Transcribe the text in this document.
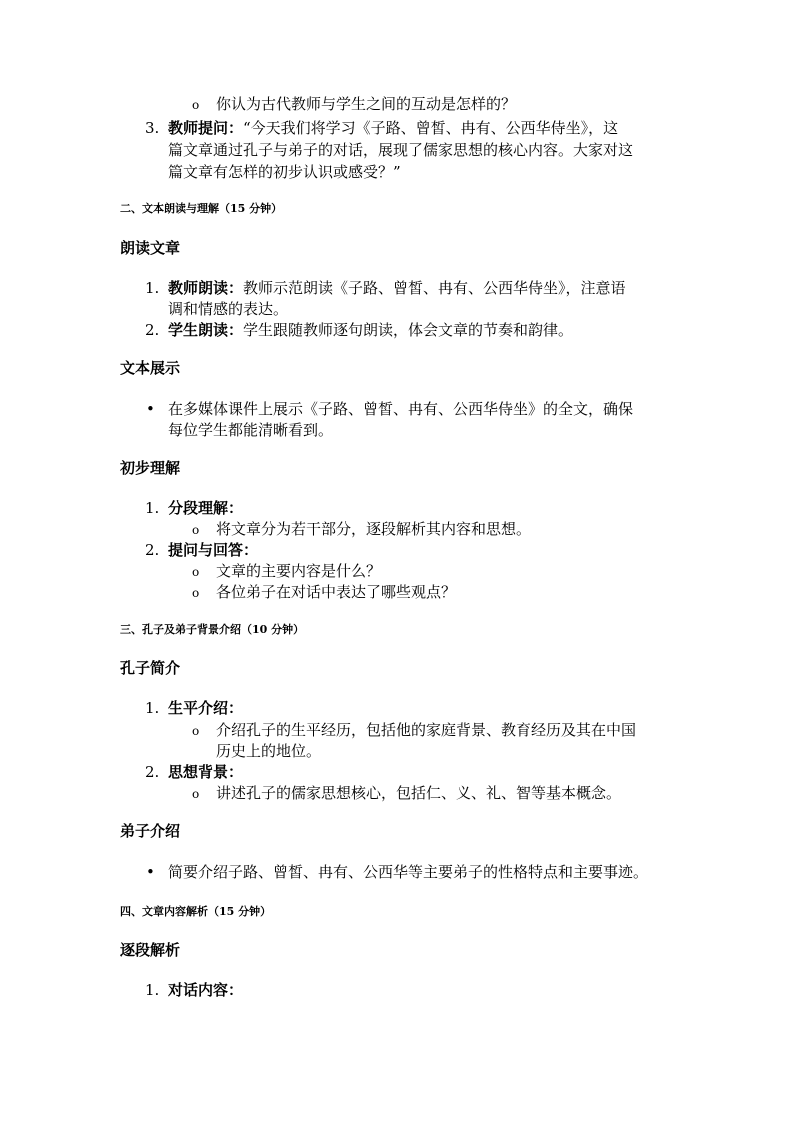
o 你认为古代教师与学生之间的互动是怎样的？
3. 教师提问：“今天我们将学习《子路、曾皙、冉有、公西华侍坐》，这
篇文章通过孔子与弟子的对话，展现了儒家思想的核心内容。大家对这
篇文章有怎样的初步认识或感受？”
二、文本朗读与理解（15 分钟）
朗读文章
1. 教师朗读：教师示范朗读《子路、曾皙、冉有、公西华侍坐》，注意语
调和情感的表达。
2. 学生朗读：学生跟随教师逐句朗读，体会文章的节奏和韵律。
文本展示
• 在多媒体课件上展示《子路、曾皙、冉有、公西华侍坐》的全文，确保
每位学生都能清晰看到。
初步理解
1. 分段理解：
o 将文章分为若干部分，逐段解析其内容和思想。
2. 提问与回答：
o 文章的主要内容是什么？
o 各位弟子在对话中表达了哪些观点？
三、孔子及弟子背景介绍（10 分钟）
孔子简介
1. 生平介绍：
o 介绍孔子的生平经历，包括他的家庭背景、教育经历及其在中国
历史上的地位。
2. 思想背景：
o 讲述孔子的儒家思想核心，包括仁、义、礼、智等基本概念。
弟子介绍
• 简要介绍子路、曾皙、冉有、公西华等主要弟子的性格特点和主要事迹。
四、文章内容解析（15 分钟）
逐段解析
1. 对话内容：
